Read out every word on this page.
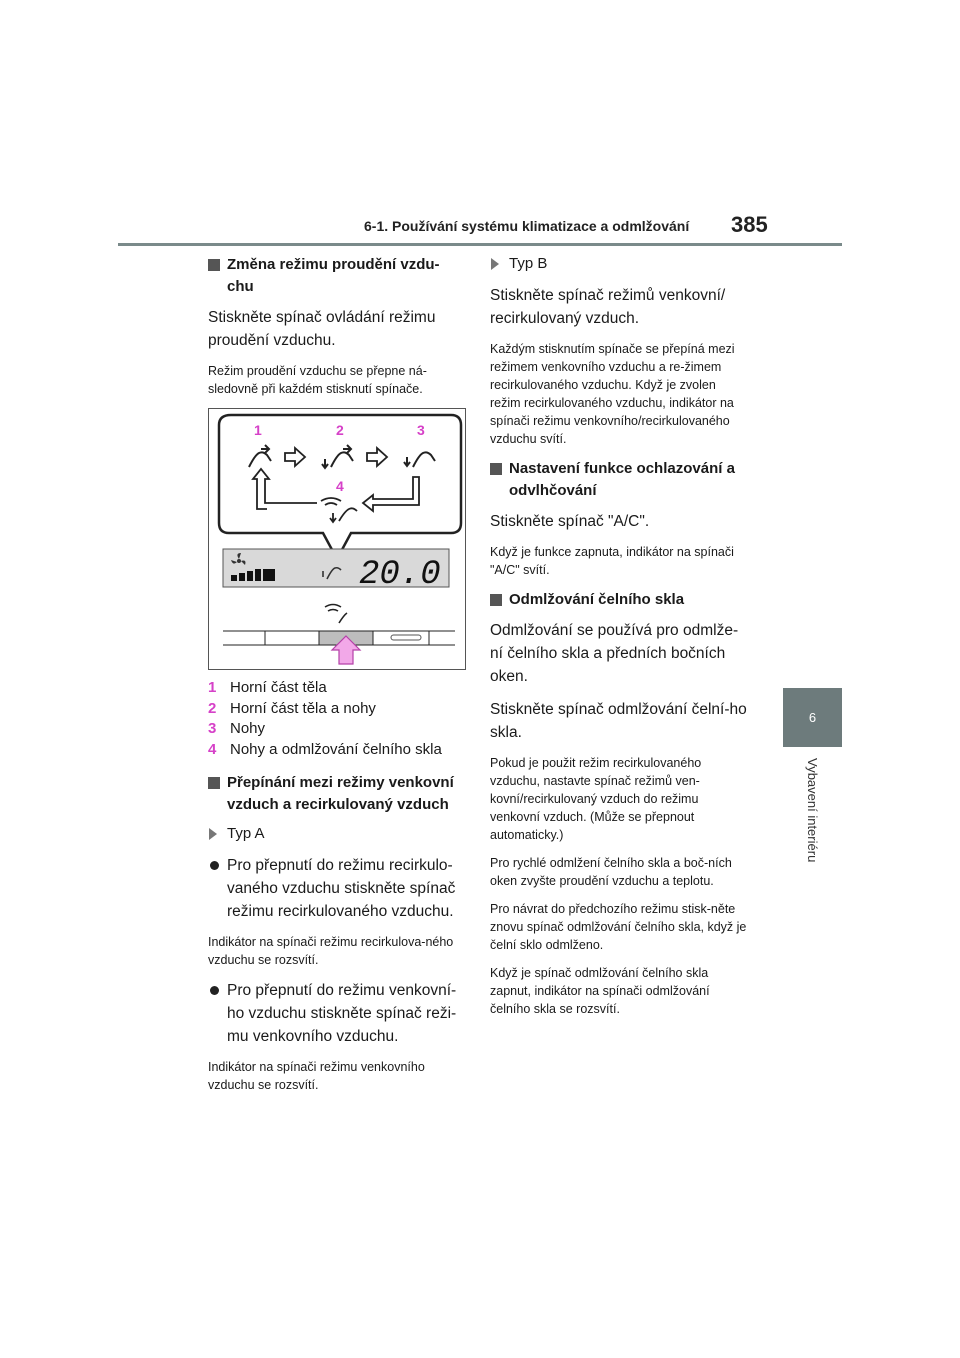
6-1. Používání systému klimatizace a odmlžování 385
6
Vybavení interiéru
Změna režimu proudění vzdu-chu

Stiskněte spínač ovládání režimu proudění vzduchu.

Režim proudění vzduchu se přepne ná-sledovně při každém stisknutí spínače.

1	2	3
4
20.0
1 Horní část těla
2 Horní část těla a nohy
3 Nohy
4 Nohy a odmlžování čelního skla
Přepínání mezi režimy venkovní vzduch a recirkulovaný vzduch
Typ A

Pro přepnutí do režimu recirkulo-vaného vzduchu stiskněte spínač režimu recirkulovaného vzduchu.

Indikátor na spínači režimu recirkulova-ného vzduchu se rozsvítí.

Pro přepnutí do režimu venkovní-ho vzduchu stiskněte spínač reži-mu venkovního vzduchu.

Indikátor na spínači režimu venkovního vzduchu se rozsvítí.

Typ B

Stiskněte spínač režimů venkovní/ recirkulovaný vzduch.

Každým stisknutím spínače se přepíná mezi režimem venkovního vzduchu a re-žimem recirkulovaného vzduchu. Když je zvolen režim recirkulovaného vzduchu, indikátor na spínači režimu venkovního/recirkulovaného vzduchu svítí.

Nastavení funkce ochlazování a odvlhčování

Stiskněte spínač "A/C".

Když je funkce zapnuta, indikátor na spínači "A/C" svítí.

Odmlžování čelního skla

Odmlžování se používá pro odmlže-ní čelního skla a předních bočních oken.

Stiskněte spínač odmlžování čelní-ho skla.

Pokud je použit režim recirkulovaného vzduchu, nastavte spínač režimů ven-kovní/recirkulovaný vzduch do režimu venkovní vzduch. (Může se přepnout automaticky.)

Pro rychlé odmlžení čelního skla a boč-ních oken zvyšte proudění vzduchu a teplotu.

Pro návrat do předchozího režimu stisk-něte znovu spínač odmlžování čelního skla, když je čelní sklo odmlženo.

Když je spínač odmlžování čelního skla zapnut, indikátor na spínači odmlžování čelního skla se rozsvítí.
